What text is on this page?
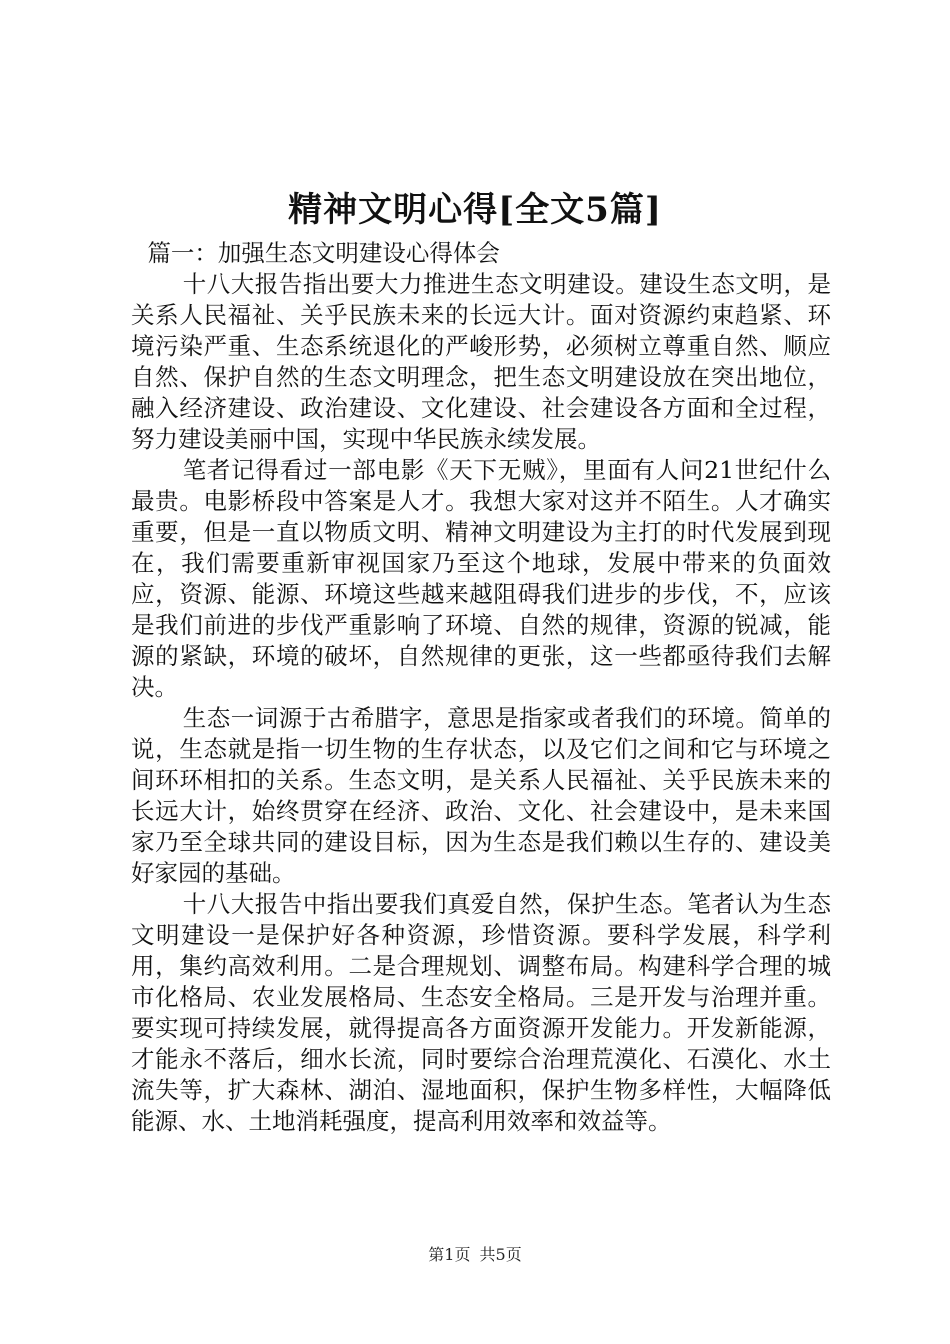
精神文明心得[全文5篇]
篇一：加强生态文明建设心得体会

十八大报告指出要大力推进生态文明建设。建设生态文明，是关系人民福祉、关乎民族未来的长远大计。面对资源约束趋紧、环境污染严重、生态系统退化的严峻形势，必须树立尊重自然、顺应自然、保护自然的生态文明理念，把生态文明建设放在突出地位，融入经济建设、政治建设、文化建设、社会建设各方面和全过程，努力建设美丽中国，实现中华民族永续发展。

笔者记得看过一部电影《天下无贼》，里面有人问21世纪什么最贵。电影桥段中答案是人才。我想大家对这并不陌生。人才确实重要，但是一直以物质文明、精神文明建设为主打的时代发展到现在，我们需要重新审视国家乃至这个地球，发展中带来的负面效应，资源、能源、环境这些越来越阻碍我们进步的步伐，不，应该是我们前进的步伐严重影响了环境、自然的规律，资源的锐减，能源的紧缺，环境的破坏，自然规律的更张，这一些都亟待我们去解决。

生态一词源于古希腊字，意思是指家或者我们的环境。简单的说，生态就是指一切生物的生存状态，以及它们之间和它与环境之间环环相扣的关系。生态文明，是关系人民福祉、关乎民族未来的长远大计，始终贯穿在经济、政治、文化、社会建设中，是未来国家乃至全球共同的建设目标，因为生态是我们赖以生存的、建设美好家园的基础。

十八大报告中指出要我们真爱自然，保护生态。笔者认为生态文明建设一是保护好各种资源，珍惜资源。要科学发展，科学利用，集约高效利用。二是合理规划、调整布局。构建科学合理的城市化格局、农业发展格局、生态安全格局。三是开发与治理并重。要实现可持续发展，就得提高各方面资源开发能力。开发新能源，才能永不落后，细水长流，同时要综合治理荒漠化、石漠化、水土流失等，扩大森林、湖泊、湿地面积，保护生物多样性，大幅降低能源、水、土地消耗强度，提高利用效率和效益等。

第1页 共5页
